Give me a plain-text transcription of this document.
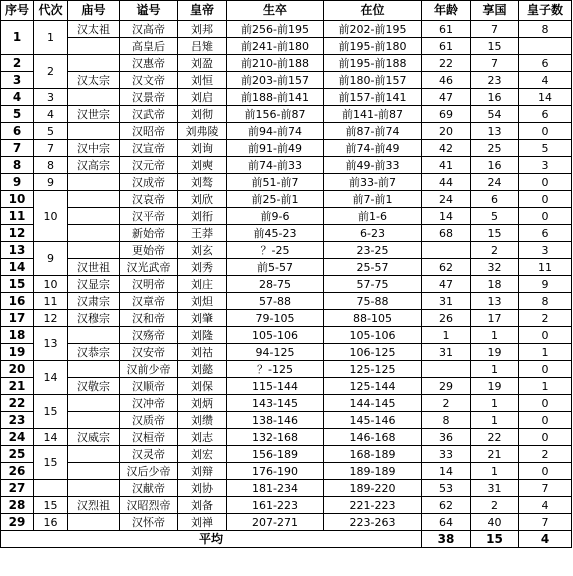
序号	代次	庙号	谥号	皇帝	生卒	在位	年龄	享国	皇子数
1	1	汉太祖	汉高帝	刘邦	前256-前195	前202-前195	61	7	8
			高皇后	吕雉	前241-前180	前195-前180	61	15	
2	2		汉惠帝	刘盈	前210-前188	前195-前188	22	7	6
3		汉太宗	汉文帝	刘恒	前203-前157	前180-前157	46	23	4
4	3		汉景帝	刘启	前188-前141	前157-前141	47	16	14
5	4	汉世宗	汉武帝	刘彻	前156-前87	前141-前87	69	54	6
6	5		汉昭帝	刘弗陵	前94-前74	前87-前74	20	13	0
7	7	汉中宗	汉宣帝	刘询	前91-前49	前74-前49	42	25	5
8	8	汉高宗	汉元帝	刘奭	前74-前33	前49-前33	41	16	3
9	9		汉成帝	刘骜	前51-前7	前33-前7	44	24	0
10	10		汉哀帝	刘欣	前25-前1	前7-前1	24	6	0
11			汉平帝	刘衎	前9-6	前1-6	14	5	0
12			新始帝	王莽	前45-23	6-23	68	15	6
13	9		更始帝	刘玄	？-25	23-25		2	3
14		汉世祖	汉光武帝	刘秀	前5-57	25-57	62	32	11
15	10	汉显宗	汉明帝	刘庄	28-75	57-75	47	18	9
16	11	汉肃宗	汉章帝	刘炟	57-88	75-88	31	13	8
17	12	汉穆宗	汉和帝	刘肇	79-105	88-105	26	17	2
18	13		汉殇帝	刘隆	105-106	105-106	1	1	0
19		汉恭宗	汉安帝	刘祜	94-125	106-125	31	19	1
20	14		汉前少帝	刘懿	？-125	125-125		1	0
21		汉敬宗	汉顺帝	刘保	115-144	125-144	29	19	1
22	15		汉冲帝	刘炳	143-145	144-145	2	1	0
23			汉质帝	刘缵	138-146	145-146	8	1	0
24	14	汉威宗	汉桓帝	刘志	132-168	146-168	36	22	0
25	15		汉灵帝	刘宏	156-189	168-189	33	21	2
26			汉后少帝	刘辩	176-190	189-189	14	1	0
27			汉献帝	刘协	181-234	189-220	53	31	7
28	15	汉烈祖	汉昭烈帝	刘备	161-223	221-223	62	2	4
29	16		汉怀帝	刘禅	207-271	223-263	64	40	7
平均							38	15	4
